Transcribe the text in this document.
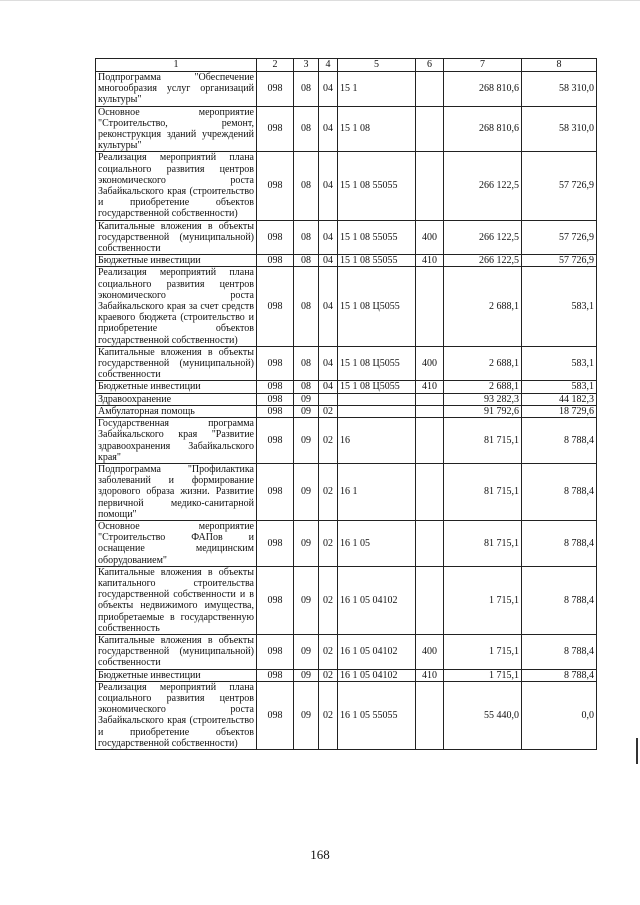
1	2	3	4	5	6	7	8
Подпрограмма "Обеспечение многообразия услуг организаций культуры"	098	08	04	15 1		268 810,6	58 310,0
Основное мероприятие "Строительство, ремонт, реконструкция зданий учреждений культуры"	098	08	04	15 1 08		268 810,6	58 310,0
Реализация мероприятий плана социального развития центров экономического роста Забайкальского края (строительство и приобретение объектов государственной собственности)	098	08	04	15 1 08 55055		266 122,5	57 726,9
Капитальные вложения в объекты государственной (муниципальной) собственности	098	08	04	15 1 08 55055	400	266 122,5	57 726,9
Бюджетные инвестиции	098	08	04	15 1 08 55055	410	266 122,5	57 726,9
Реализация мероприятий плана социального развития центров экономического роста Забайкальского края за счет средств краевого бюджета (строительство и приобретение объектов государственной собственности)	098	08	04	15 1 08 Ц5055		2 688,1	583,1
Капитальные вложения в объекты государственной (муниципальной) собственности	098	08	04	15 1 08 Ц5055	400	2 688,1	583,1
Бюджетные инвестиции	098	08	04	15 1 08 Ц5055	410	2 688,1	583,1
Здравоохранение	098	09				93 282,3	44 182,3
Амбулаторная помощь	098	09	02			91 792,6	18 729,6
Государственная программа Забайкальского края "Развитие здравоохранения Забайкальского края"	098	09	02	16		81 715,1	8 788,4
Подпрограмма "Профилактика заболеваний и формирование здорового образа жизни. Развитие первичной медико-санитарной помощи"	098	09	02	16 1		81 715,1	8 788,4
Основное мероприятие "Строительство ФАПов и оснащение медицинским оборудованием"	098	09	02	16 1 05		81 715,1	8 788,4
Капитальные вложения в объекты капитального строительства государственной собственности и в объекты недвижимого имущества, приобретаемые в государственную собственность	098	09	02	16 1 05 04102		1 715,1	8 788,4
Капитальные вложения в объекты государственной (муниципальной) собственности	098	09	02	16 1 05 04102	400	1 715,1	8 788,4
Бюджетные инвестиции	098	09	02	16 1 05 04102	410	1 715,1	8 788,4
Реализация мероприятий плана социального развития центров экономического роста Забайкальского края (строительство и приобретение объектов государственной собственности)	098	09	02	16 1 05 55055		55 440,0	0,0
168
